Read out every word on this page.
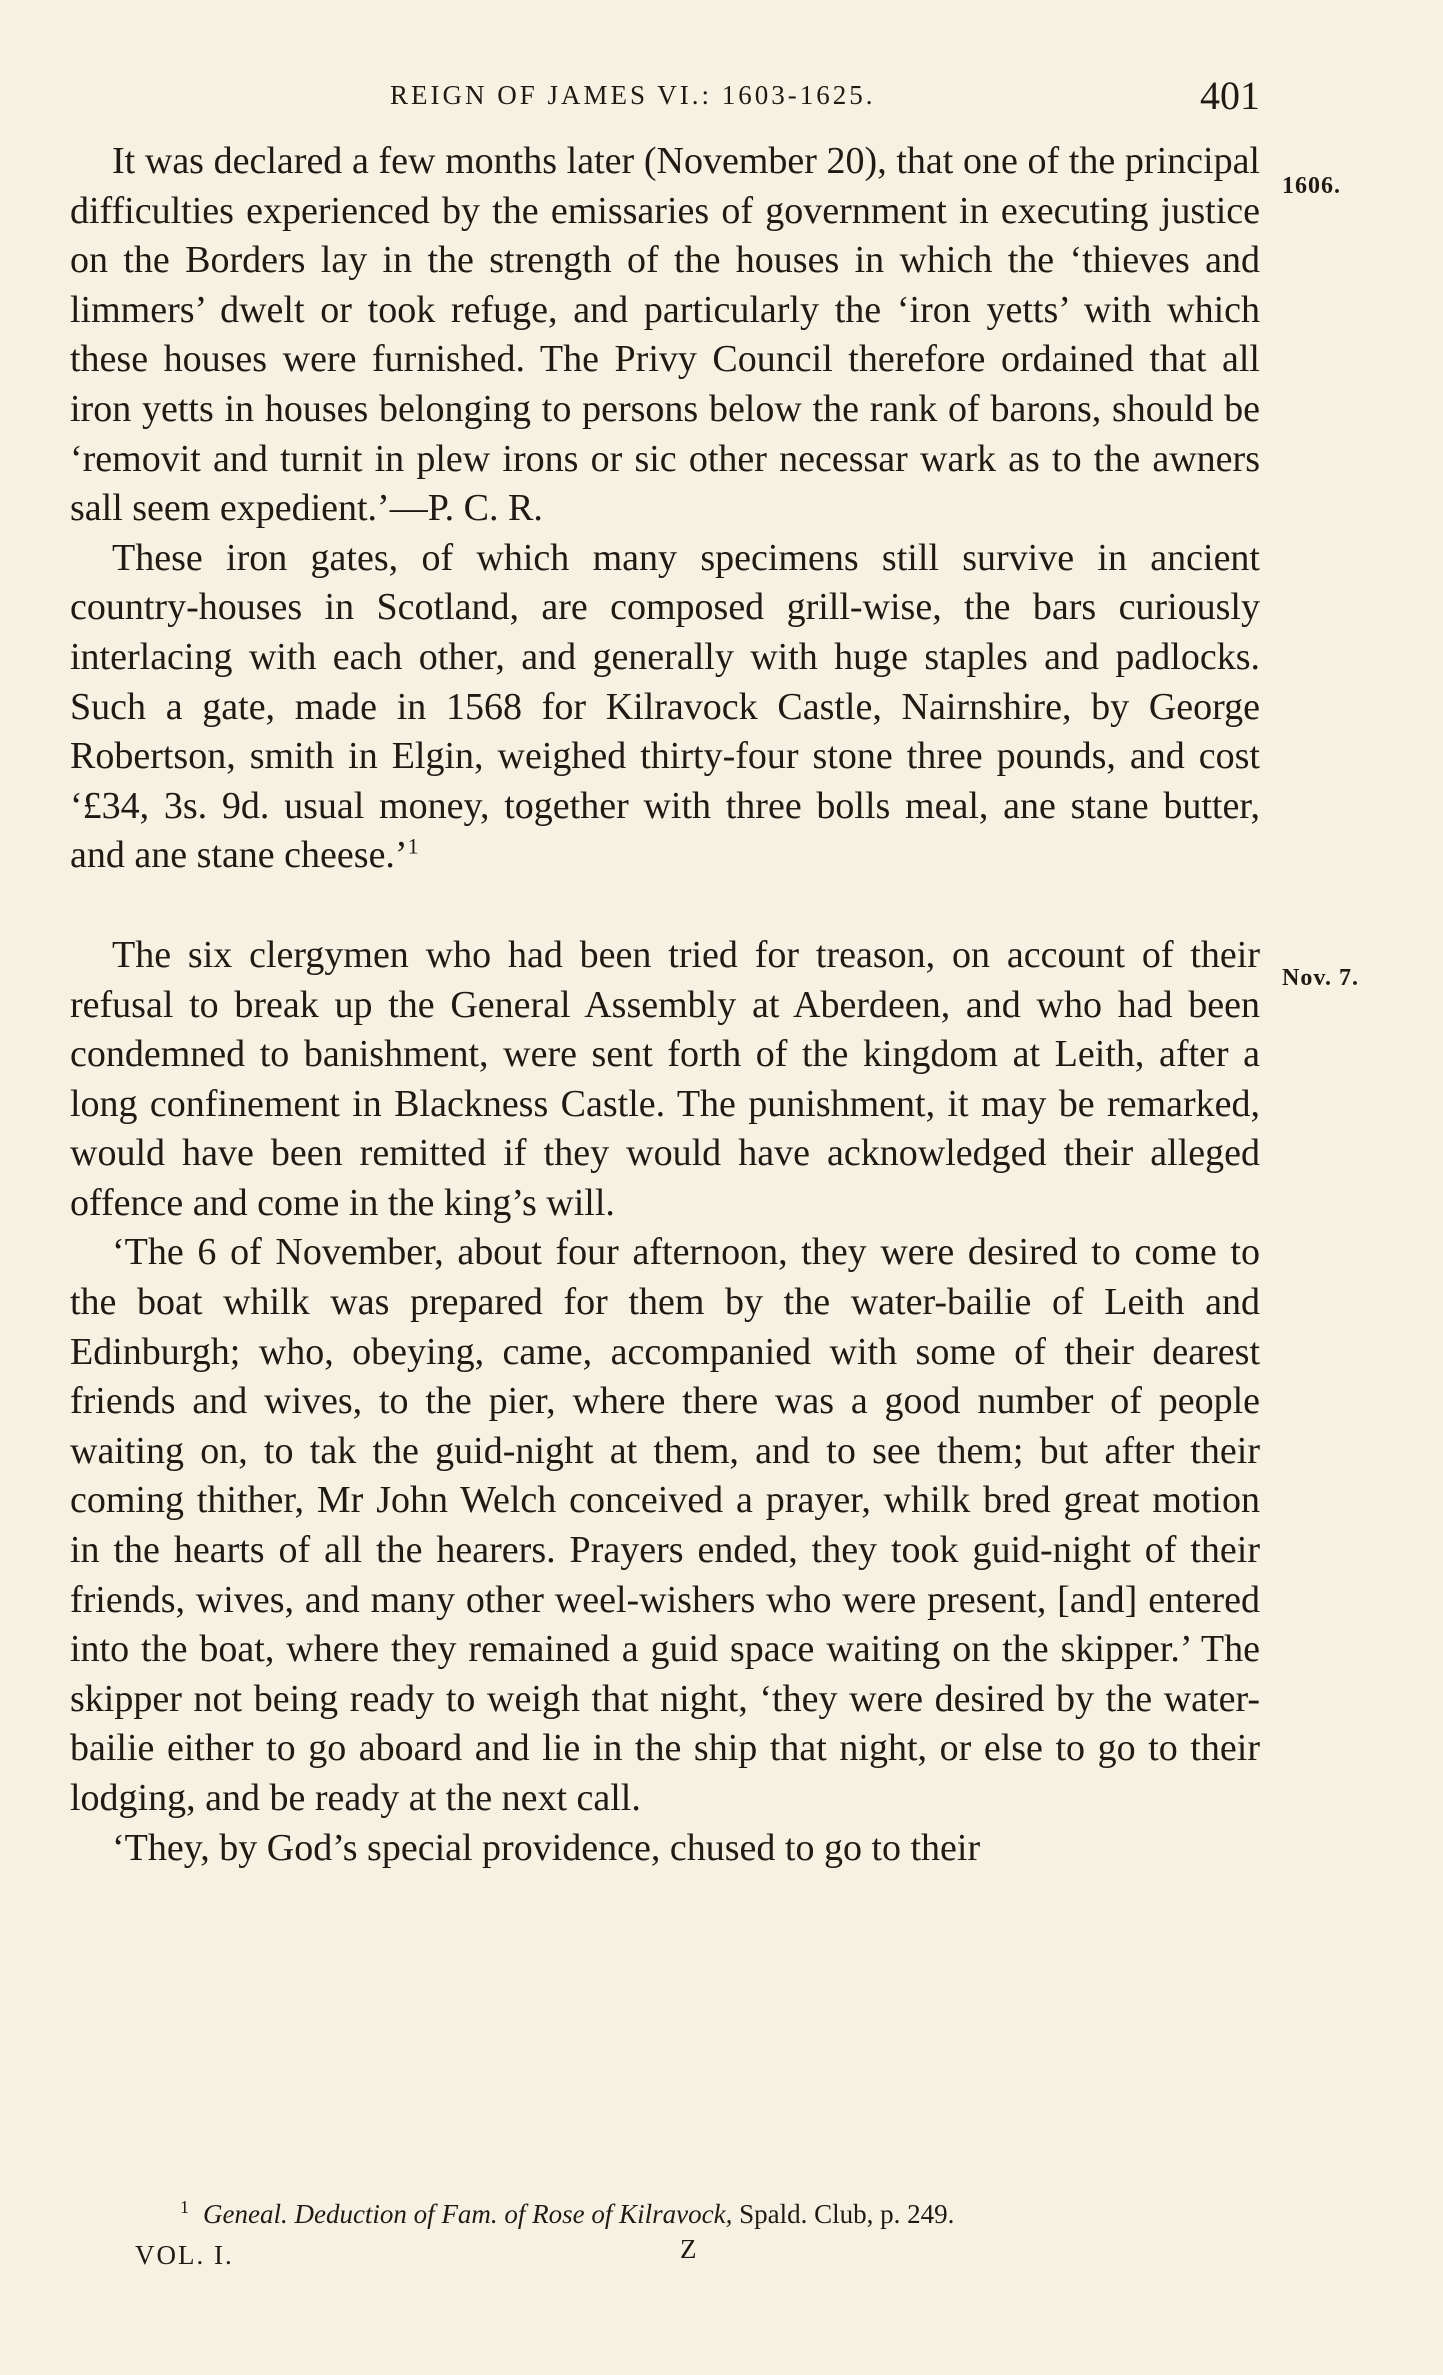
REIGN OF JAMES VI.: 1603-1625.	401

1606.
It was declared a few months later (November 20), that one of the principal difficulties experienced by the emissaries of government in executing justice on the Borders lay in the strength of the houses in which the ‘thieves and limmers’ dwelt or took refuge, and particularly the ‘iron yetts’ with which these houses were furnished. The Privy Council therefore ordained that all iron yetts in houses belonging to persons below the rank of barons, should be ‘removit and turnit in plew irons or sic other necessar wark as to the awners sall seem expedient.’—P. C. R.

These iron gates, of which many specimens still survive in ancient country-houses in Scotland, are composed grill-wise, the bars curiously interlacing with each other, and generally with huge staples and padlocks. Such a gate, made in 1568 for Kilravock Castle, Nairnshire, by George Robertson, smith in Elgin, weighed thirty-four stone three pounds, and cost ‘£34, 3s. 9d. usual money, together with three bolls meal, ane stane butter, and ane stane cheese.’$^1$

Nov. 7.
The six clergymen who had been tried for treason, on account of their refusal to break up the General Assembly at Aberdeen, and who had been condemned to banishment, were sent forth of the kingdom at Leith, after a long confinement in Blackness Castle. The punishment, it may be remarked, would have been remitted if they would have acknowledged their alleged offence and come in the king’s will.

‘The 6 of November, about four afternoon, they were desired to come to the boat whilk was prepared for them by the water-bailie of Leith and Edinburgh; who, obeying, came, accompanied with some of their dearest friends and wives, to the pier, where there was a good number of people waiting on, to tak the guid-night at them, and to see them; but after their coming thither, Mr John Welch conceived a prayer, whilk bred great motion in the hearts of all the hearers. Prayers ended, they took guid-night of their friends, wives, and many other weel-wishers who were present, [and] entered into the boat, where they remained a guid space waiting on the skipper.’ The skipper not being ready to weigh that night, ‘they were desired by the water-bailie either to go aboard and lie in the ship that night, or else to go to their lodging, and be ready at the next call.

‘They, by God’s special providence, chused to go to their

$^1$ Geneal. Deduction of Fam. of Rose of Kilravock, Spald. Club, p. 249.
VOL. I.	Z
